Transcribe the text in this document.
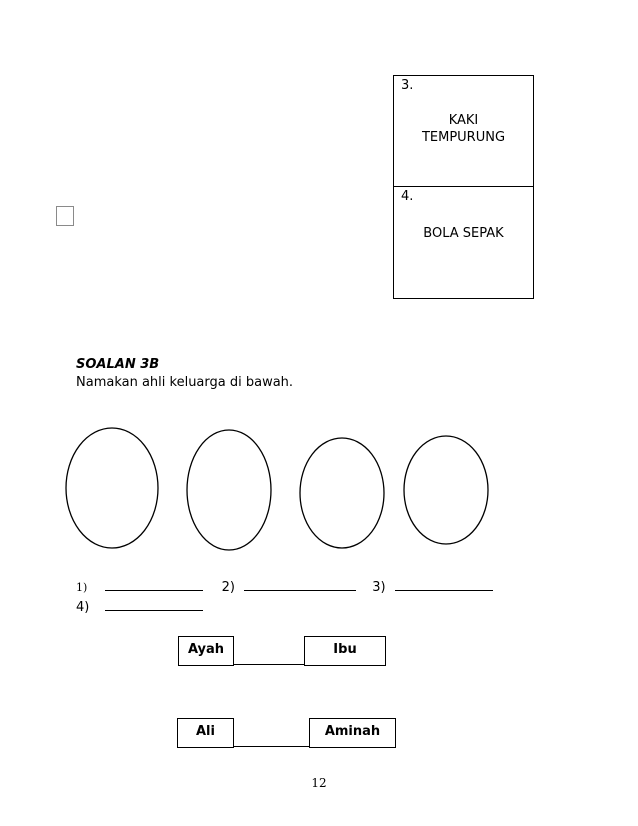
3.
KAKI
TEMPURUNG
4.
BOLA SEPAK
SOALAN 3B
Namakan ahli keluarga di bawah.
1)	2)	3)
4)
Ayah	Ibu
Ali	Aminah
12
